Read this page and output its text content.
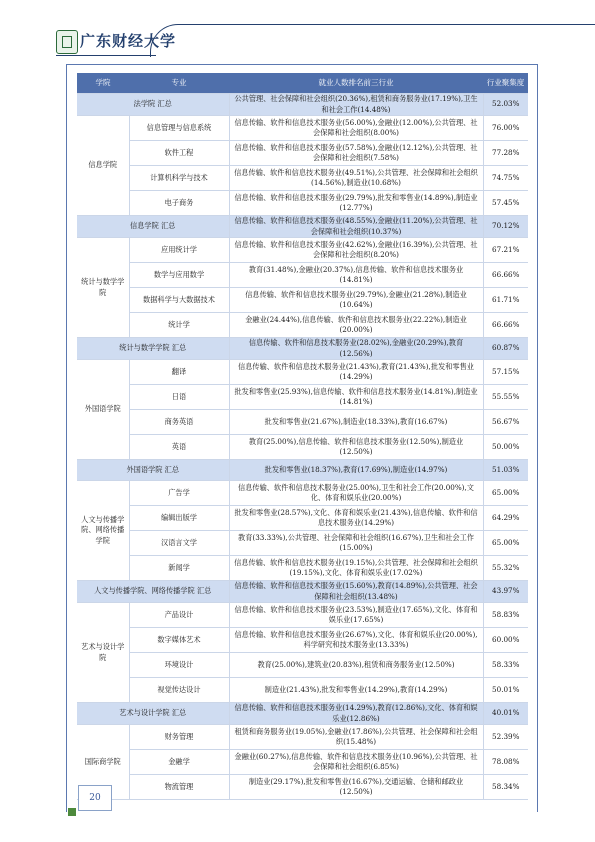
广东财经大学
学院	专业	就业人数排名前三行业	行业聚集度
法学院 汇总		公共管理、社会保障和社会组织(20.36%),租赁和商务服务业(17.19%),卫生和社会工作(14.48%)	52.03%
信息学院	信息管理与信息系统	信息传输、软件和信息技术服务业(56.00%),金融业(12.00%),公共管理、社会保障和社会组织(8.00%)	76.00%
	软件工程	信息传输、软件和信息技术服务业(57.58%),金融业(12.12%),公共管理、社会保障和社会组织(7.58%)	77.28%
	计算机科学与技术	信息传输、软件和信息技术服务业(49.51%),公共管理、社会保障和社会组织(14.56%),制造业(10.68%)	74.75%
	电子商务	信息传输、软件和信息技术服务业(29.79%),批发和零售业(14.89%),制造业(12.77%)	57.45%
信息学院 汇总		信息传输、软件和信息技术服务业(48.55%),金融业(11.20%),公共管理、社会保障和社会组织(10.37%)	70.12%
统计与数学学院	应用统计学	信息传输、软件和信息技术服务业(42.62%),金融业(16.39%),公共管理、社会保障和社会组织(8.20%)	67.21%
	数学与应用数学	教育(31.48%),金融业(20.37%),信息传输、软件和信息技术服务业(14.81%)	66.66%
	数据科学与大数据技术	信息传输、软件和信息技术服务业(29.79%),金融业(21.28%),制造业(10.64%)	61.71%
	统计学	金融业(24.44%),信息传输、软件和信息技术服务业(22.22%),制造业(20.00%)	66.66%
统计与数学学院 汇总		信息传输、软件和信息技术服务业(28.02%),金融业(20.29%),教育(12.56%)	60.87%
外国语学院	翻译	信息传输、软件和信息技术服务业(21.43%),教育(21.43%),批发和零售业(14.29%)	57.15%
	日语	批发和零售业(25.93%),信息传输、软件和信息技术服务业(14.81%),制造业(14.81%)	55.55%
	商务英语	批发和零售业(21.67%),制造业(18.33%),教育(16.67%)	56.67%
	英语	教育(25.00%),信息传输、软件和信息技术服务业(12.50%),制造业(12.50%)	50.00%
外国语学院 汇总		批发和零售业(18.37%),教育(17.69%),制造业(14.97%)	51.03%
人文与传播学院、网络传播学院	广告学	信息传输、软件和信息技术服务业(25.00%),卫生和社会工作(20.00%),文化、体育和娱乐业(20.00%)	65.00%
	编辑出版学	批发和零售业(28.57%),文化、体育和娱乐业(21.43%),信息传输、软件和信息技术服务业(14.29%)	64.29%
	汉语言文学	教育(33.33%),公共管理、社会保障和社会组织(16.67%),卫生和社会工作(15.00%)	65.00%
	新闻学	信息传输、软件和信息技术服务业(19.15%),公共管理、社会保障和社会组织(19.15%),文化、体育和娱乐业(17.02%)	55.32%
人文与传播学院、网络传播学院 汇总		信息传输、软件和信息技术服务业(15.60%),教育(14.89%),公共管理、社会保障和社会组织(13.48%)	43.97%
艺术与设计学院	产品设计	信息传输、软件和信息技术服务业(23.53%),制造业(17.65%),文化、体育和娱乐业(17.65%)	58.83%
	数字媒体艺术	信息传输、软件和信息技术服务业(26.67%),文化、体育和娱乐业(20.00%),科学研究和技术服务业(13.33%)	60.00%
	环境设计	教育(25.00%),建筑业(20.83%),租赁和商务服务业(12.50%)	58.33%
	视觉传达设计	制造业(21.43%),批发和零售业(14.29%),教育(14.29%)	50.01%
艺术与设计学院 汇总		信息传输、软件和信息技术服务业(14.29%),教育(12.86%),文化、体育和娱乐业(12.86%)	40.01%
国际商学院	财务管理	租赁和商务服务业(19.05%),金融业(17.86%),公共管理、社会保障和社会组织(15.48%)	52.39%
	金融学	金融业(60.27%),信息传输、软件和信息技术服务业(10.96%),公共管理、社会保障和社会组织(6.85%)	78.08%
	物流管理	制造业(29.17%),批发和零售业(16.67%),交通运输、仓储和邮政业(12.50%)	58.34%
20
